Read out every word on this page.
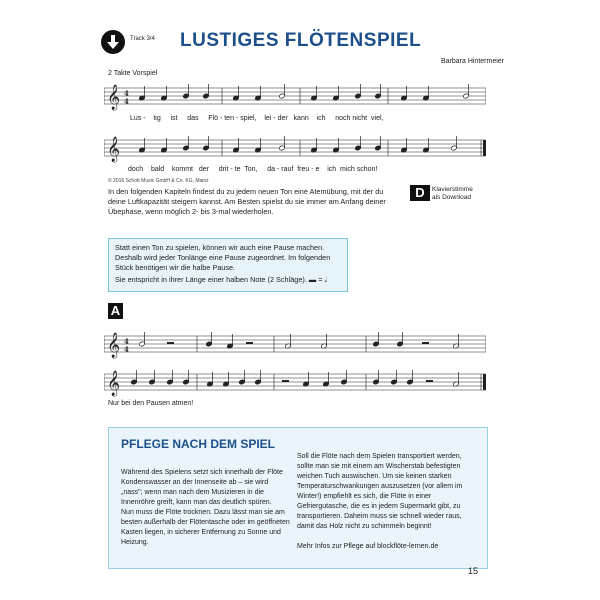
Track 3/4 LUSTIGES FLÖTENSPIEL
Barbara Hintermeier
2 Takte Vorspiel
𝄞 4
4
Lus -    tig ist das Flö - ten - spiel, lei - der kann ich noch nicht viel,
𝄞
doch bald kommt der drit - te Ton, da - rauf freu - e ich mich schon!
© 2016 Schott Music GmbH & Co. KG, Mainz
In den folgenden Kapiteln findest du zu jedem neuen Ton eine Atemübung, mit der du deine Luftkapazität steigern kannst. Am Besten spielst du sie immer am Anfang deiner Übephase, wenn möglich 2- bis 3-mal wiederholen.
D	Klavierstimme
als Download
Statt einen Ton zu spielen, können wir auch eine Pause machen. Deshalb wird jeder Tonlänge eine Pause zugeordnet. Im folgenden Stück benötigen wir die halbe Pause.
Sie entspricht in ihrer Länge einer halben Note (2 Schläge). ▬ = 𝅗𝅥
A
𝄞 4
4
𝄞
Nur bei den Pausen atmen!
PFLEGE NACH DEM SPIEL
Während des Spielens setzt sich innerhalb der Flöte Kondenswasser an der Innenseite ab – sie wird „nass"; wenn man nach dem Musizieren in die Innenröhre greift, kann man das deutlich spüren.
Nun muss die Flöte trocknen. Dazu lässt man sie am besten außerhalb der Flötentasche oder im geöffneten Kasten liegen, in sicherer Entfernung zu Sonne und Heizung.
Soll die Flöte nach dem Spielen transportiert werden, sollte man sie mit einem am Wischerstab befestigten weichen Tuch auswischen. Um sie keinen starken Temperaturschwankungen auszusetzen (vor allem im Winter!) empfiehlt es sich, die Flöte in einer Gefriergutasche, die es in jedem Supermarkt gibt, zu transportieren. Daheim muss sie schnell wieder raus, damit das Holz nicht zu schimmeln beginnt!
Mehr Infos zur Pflege auf blockflöte-lernen.de
15
